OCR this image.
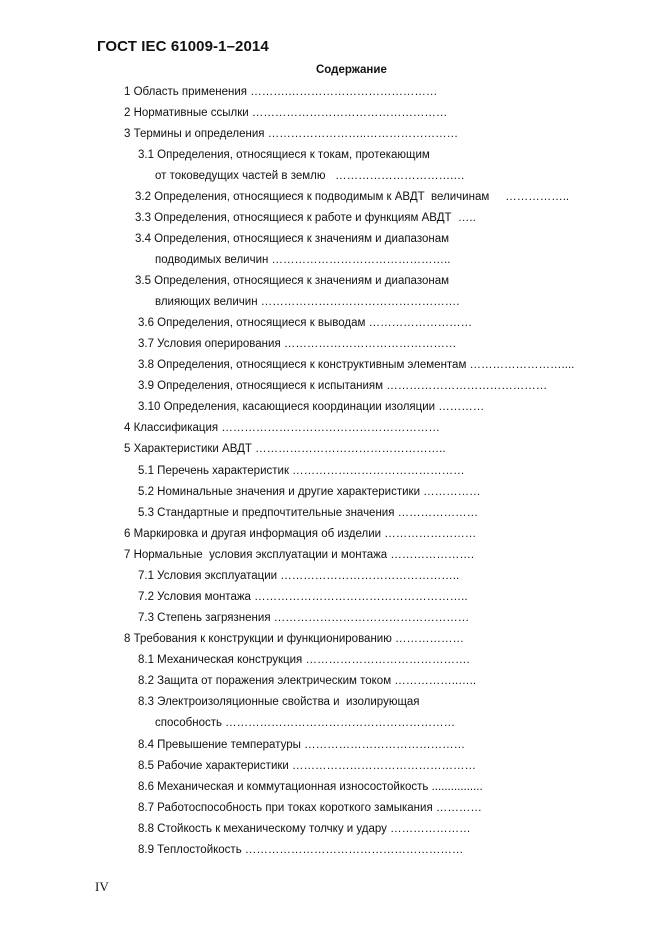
ГОСТ IEC 61009-1–2014
Содержание
1 Область применения ……….…………………………………
2 Нормативные ссылки ……………………………………………
3 Термины и определения ……………………..……………………
3.1 Определения, относящиеся к токам, протекающим
от токоведущих частей в землю   ………………………….…
3.2 Определения, относящиеся к подводимым к АВДТ  величинам     ……………..
3.3 Определения, относящиеся к работе и функциям АВДТ  …..
3.4 Определения, относящиеся к значениям и диапазонам
подводимых величин ………………………………………..
3.5 Определения, относящиеся к значениям и диапазонам
влияющих величин …………………………………………….
3.6 Определения, относящиеся к выводам ………………………
3.7 Условия оперирования ………………………………………
3.8 Определения, относящиеся к конструктивным элементам ……………………....
3.9 Определения, относящиеся к испытаниям ……………………………………
3.10 Определения, касающиеся координации изоляции …………
4 Классификация …………………………………………………
5 Характеристики АВДТ …………………………………………..
5.1 Перечень характеристик ………………………………………
5.2 Номинальные значения и другие характеристики ……………
5.3 Стандартные и предпочтительные значения …………………
6 Маркировка и другая информация об изделии ……………………
7 Нормальные  условия эксплуатации и монтажа ………………….
7.1 Условия эксплуатации ………………………………………..
7.2 Условия монтажа ………………………………………………..
7.3 Степень загрязнения ……………………………………………
8 Требования к конструкции и функционированию ………………
8.1 Механическая конструкция …………………………………….
8.2 Защита от поражения электрическим током ……………..…..
8.3 Электроизоляционные свойства и  изолирующая
способность ……………………………………………………
8.4 Превышение температуры ……………………………………
8.5 Рабочие характеристики …………………………………………
8.6 Механическая и коммутационная износостойкость ................
8.7 Работоспособность при токах короткого замыкания …………
8.8 Стойкость к механическому толчку и удару …………………
8.9 Теплостойкость …………………………………………………
IV
